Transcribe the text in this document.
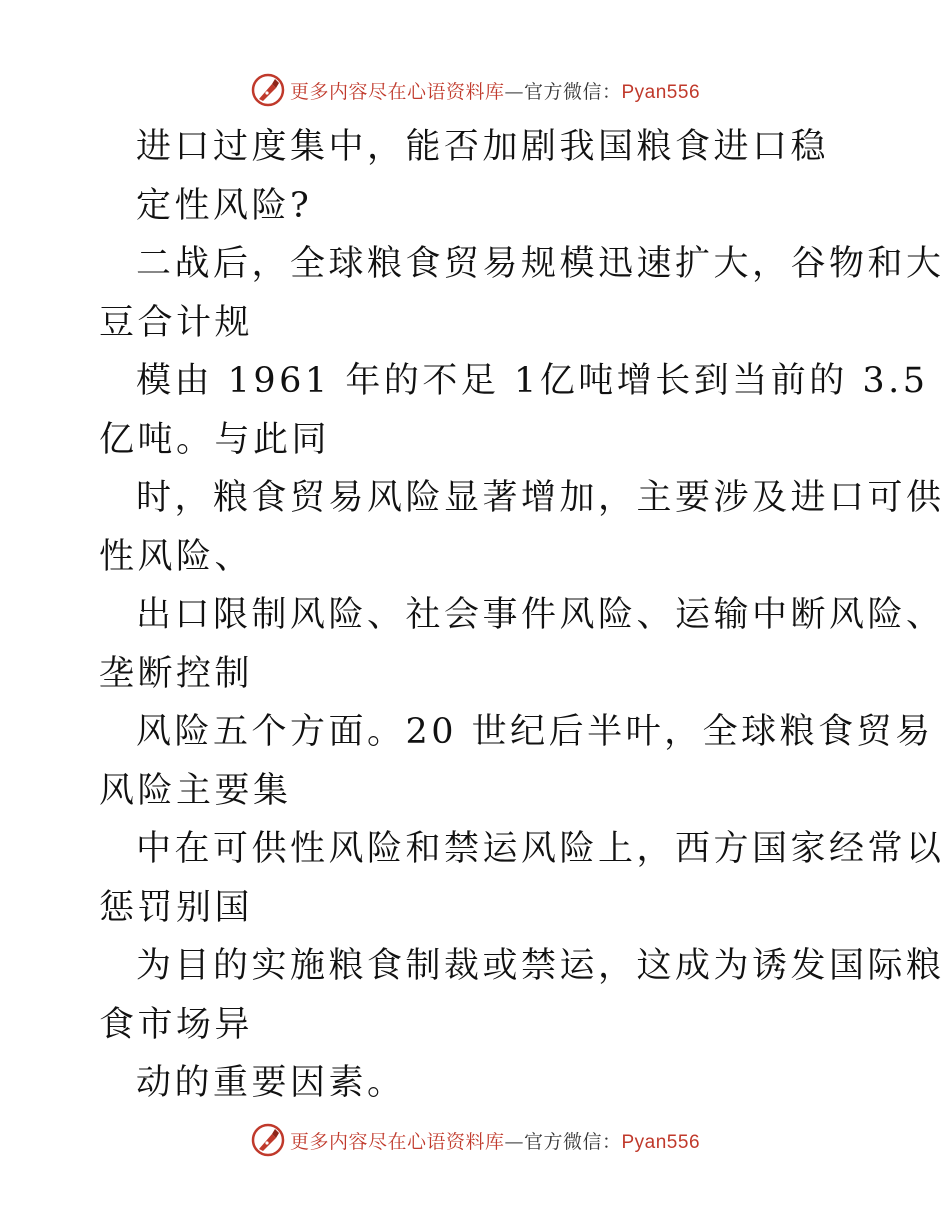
更多内容尽在心语资料库—官方微信：Pyan556
进口过度集中，能否加剧我国粮食进口稳
定性风险?
二战后，全球粮食贸易规模迅速扩大，谷物和大
豆合计规
模由 1961 年的不足 1亿吨增长到当前的 3.5
亿吨。与此同
时，粮食贸易风险显著增加，主要涉及进口可供
性风险、
出口限制风险、社会事件风险、运输中断风险、
垄断控制
风险五个方面。20 世纪后半叶，全球粮食贸易
风险主要集
中在可供性风险和禁运风险上，西方国家经常以
惩罚别国
为目的实施粮食制裁或禁运，这成为诱发国际粮
食市场异
动的重要因素。
更多内容尽在心语资料库—官方微信：Pyan556
